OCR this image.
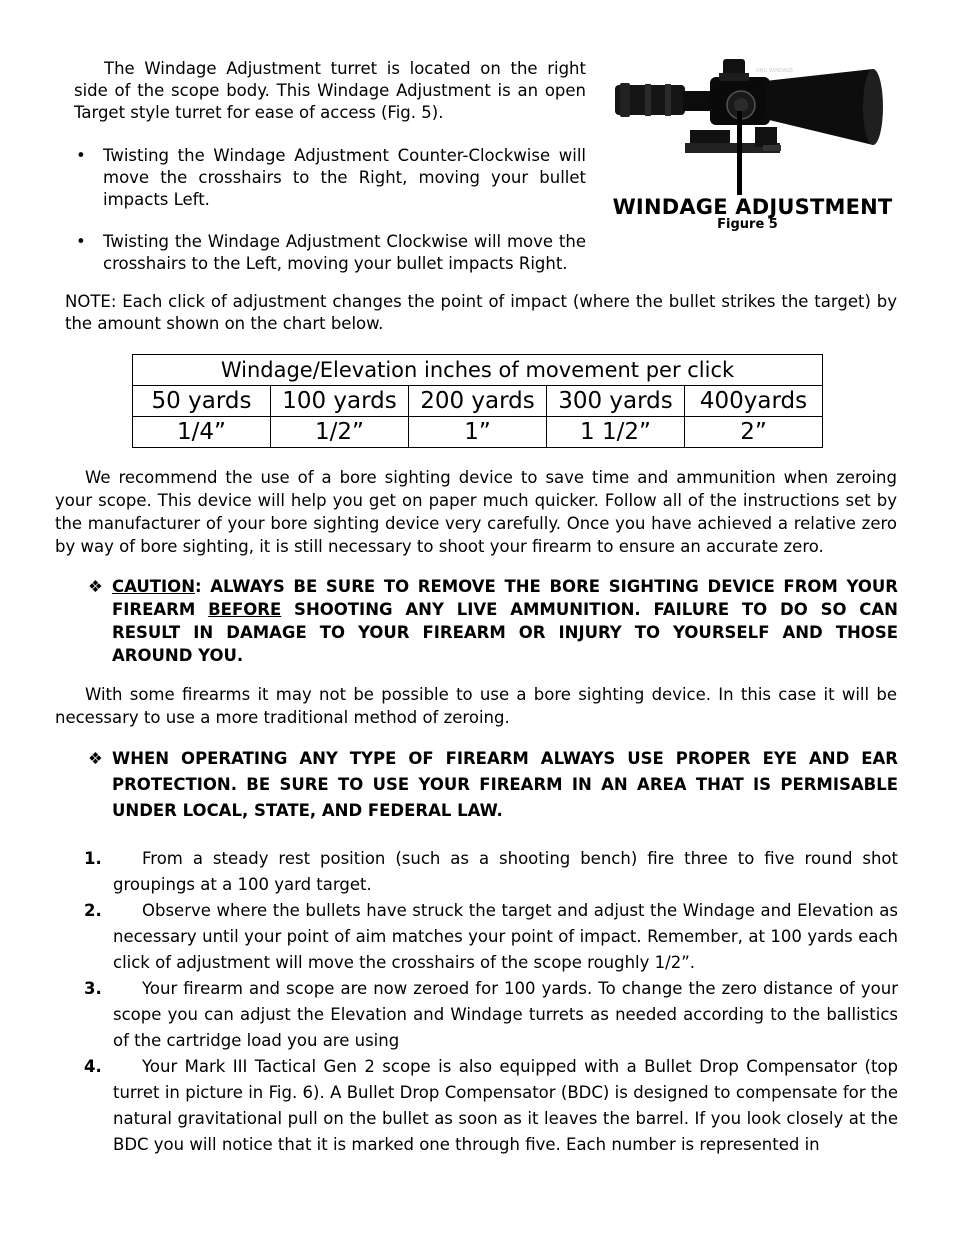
The Windage Adjustment turret is located on the right side of the scope body. This Windage Adjustment is an open Target style turret for ease of access (Fig. 5).

• Twisting the Windage Adjustment Counter-Clockwise will move the crosshairs to the Right, moving your bullet impacts Left.

• Twisting the Windage Adjustment Clockwise will move the crosshairs to the Left, moving your bullet impacts Right.

UNG WINDAGE
WINDAGE ADJUSTMENT
Figure 5

NOTE: Each click of adjustment changes the point of impact (where the bullet strikes the target) by the amount shown on the chart below.

Windage/Elevation inches of movement per click				
50 yards	100 yards	200 yards	300 yards	400yards
1/4”	1/2”	1”	1 1/2”	2”

We recommend the use of a bore sighting device to save time and ammunition when zeroing your scope. This device will help you get on paper much quicker. Follow all of the instructions set by the manufacturer of your bore sighting device very carefully. Once you have achieved a relative zero by way of bore sighting, it is still necessary to shoot your firearm to ensure an accurate zero.

❖ CAUTION: ALWAYS BE SURE TO REMOVE THE BORE SIGHTING DEVICE FROM YOUR FIREARM BEFORE SHOOTING ANY LIVE AMMUNITION. FAILURE TO DO SO CAN RESULT IN DAMAGE TO YOUR FIREARM OR INJURY TO YOURSELF AND THOSE AROUND YOU.

With some firearms it may not be possible to use a bore sighting device. In this case it will be necessary to use a more traditional method of zeroing.

❖ WHEN OPERATING ANY TYPE OF FIREARM ALWAYS USE PROPER EYE AND EAR PROTECTION. BE SURE TO USE YOUR FIREARM IN AN AREA THAT IS PERMISABLE UNDER LOCAL, STATE, AND FEDERAL LAW.
1.	From a steady rest position (such as a shooting bench) fire three to five round shot groupings at a 100 yard target.

2.	Observe where the bullets have struck the target and adjust the Windage and Elevation as necessary until your point of aim matches your point of impact. Remember, at 100 yards each click of adjustment will move the crosshairs of the scope roughly 1/2”.

3.	Your firearm and scope are now zeroed for 100 yards. To change the zero distance of your scope you can adjust the Elevation and Windage turrets as needed according to the ballistics of the cartridge load you are using

4.	Your Mark III Tactical Gen 2 scope is also equipped with a Bullet Drop Compensator (top turret in picture in Fig. 6). A Bullet Drop Compensator (BDC) is designed to compensate for the natural gravitational pull on the bullet as soon as it leaves the barrel. If you look closely at the BDC you will notice that it is marked one through five. Each number is represented in
